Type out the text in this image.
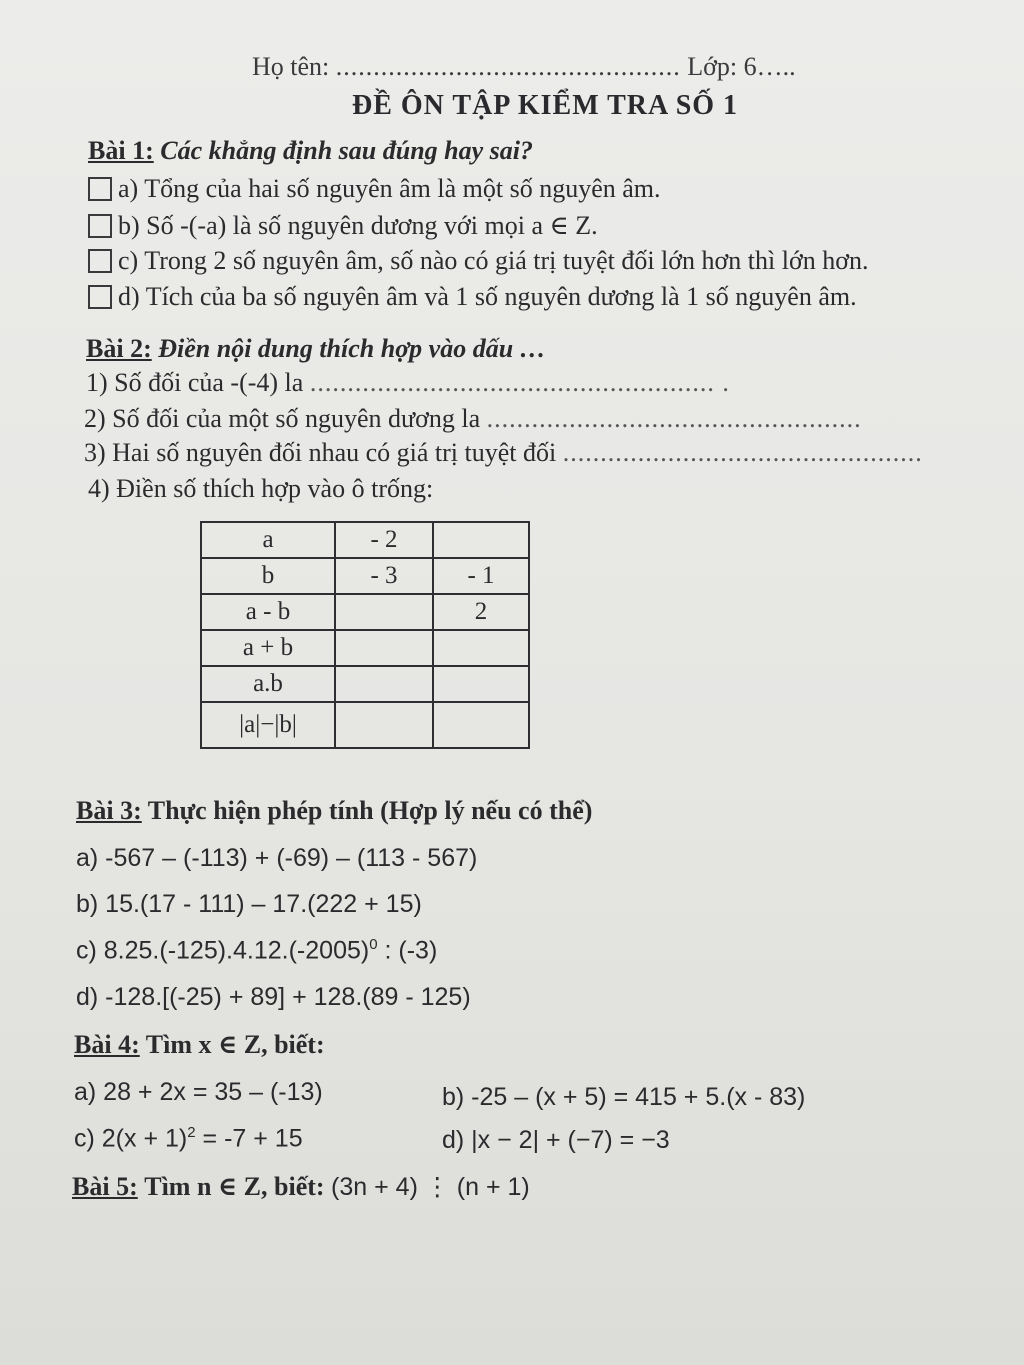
Họ tên: .............................................. Lớp: 6…..
ĐỀ ÔN TẬP KIỂM TRA SỐ 1
Bài 1: Các khẳng định sau đúng hay sai?
a) Tổng của hai số nguyên âm là một số nguyên âm.
b) Số -(-a) là số nguyên dương với mọi a ∈ Z.
c) Trong 2 số nguyên âm, số nào có giá trị tuyệt đối lớn hơn thì lớn hơn.
d) Tích của ba số nguyên âm và 1 số nguyên dương là 1 số nguyên âm.
Bài 2: Điền nội dung thích hợp vào dấu …
1) Số đối của -(-4) la ...................................................... .
2) Số đối của một số nguyên dương la ..................................................
3) Hai số nguyên đối nhau có giá trị tuyệt đối ................................................
4) Điền số thích hợp vào ô trống:
a	- 2	
b	- 3	- 1
a - b		2
a + b		
a.b		
|a|−|b|		
Bài 3: Thực hiện phép tính (Hợp lý nếu có thể)
a) -567 – (-113) + (-69) – (113 - 567)
b) 15.(17 - 111) – 17.(222 + 15)
c) $8.25.(-125).4.12.(-2005)^0$ : (-3)
d) -128.[(-25) + 89] + 128.(89 - 125)
Bài 4: Tìm x ∈ Z, biết:
a) 28 + 2x = 35 – (-13)	b) -25 – (x + 5) = 415 + 5.(x - 83)
c) $2(x + 1)^2 = -7 + 15$	d) |x − 2| + (−7) = −3
Bài 5: Tìm n ∈ Z, biết: (3n + 4) ⋮ (n + 1)
